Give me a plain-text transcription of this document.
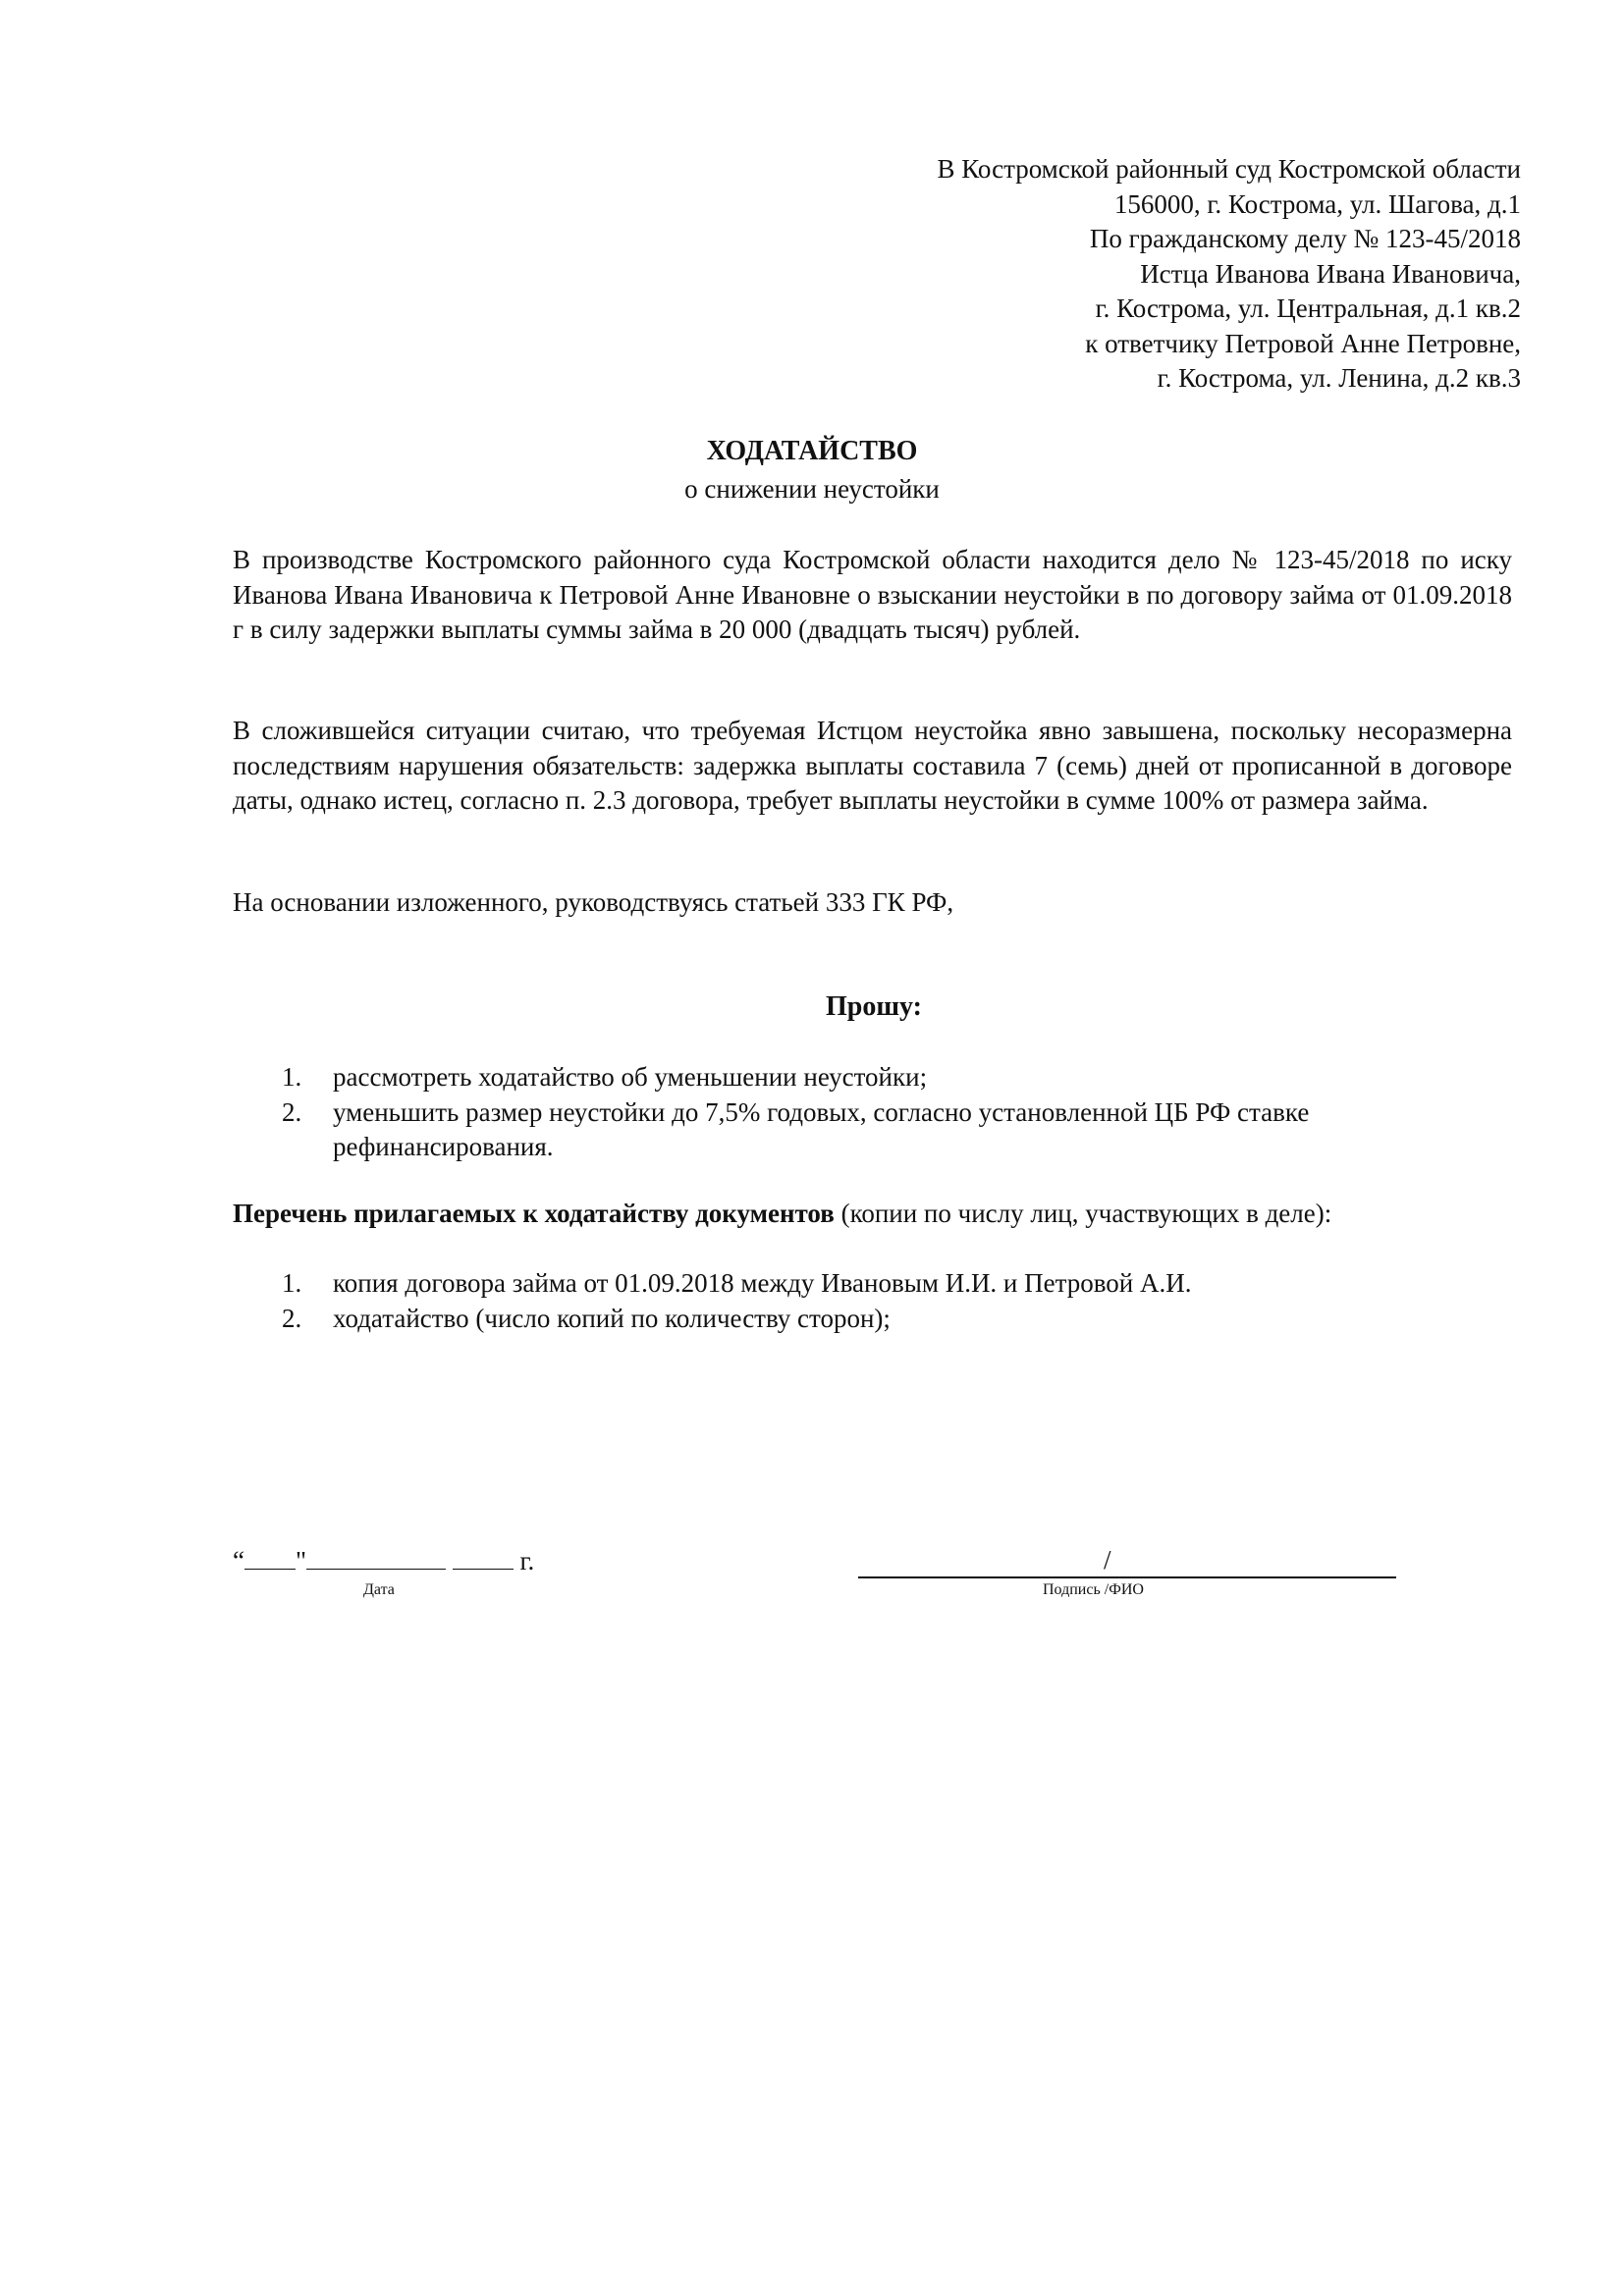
В Костромской районный суд Костромской области
156000, г. Кострома, ул. Шагова, д.1
По гражданскому делу № 123-45/2018
Истца Иванова Ивана Ивановича,
г. Кострома, ул. Центральная, д.1 кв.2
к ответчику Петровой Анне Петровне,
г. Кострома, ул. Ленина, д.2 кв.3
ХОДАТАЙСТВО
о снижении неустойки
В производстве Костромского районного суда Костромской области находится дело № 123-45/2018 по иску Иванова Ивана Ивановича к Петровой Анне Ивановне о взыскании неустойки в по договору займа от 01.09.2018 г в силу задержки выплаты суммы займа в 20 000 (двадцать тысяч) рублей.
В сложившейся ситуации считаю, что требуемая Истцом неустойка явно завышена, поскольку несоразмерна последствиям нарушения обязательств: задержка выплаты составила 7 (семь) дней от прописанной в договоре даты, однако истец, согласно п. 2.3 договора, требует выплаты неустойки в сумме 100% от размера займа.
На основании изложенного, руководствуясь статьей 333 ГК РФ,
Прошу:
1. рассмотреть ходатайство об уменьшении неустойки;
2. уменьшить размер неустойки до 7,5% годовых, согласно установленной ЦБ РФ ставке рефинансирования.
Перечень прилагаемых к ходатайству документов (копии по числу лиц, участвующих в деле):
1. копия договора займа от 01.09.2018 между Ивановым И.И. и Петровой А.И.
2. ходатайство (число копий по количеству сторон);
“ "	г.
Дата
/
Подпись /ФИО
